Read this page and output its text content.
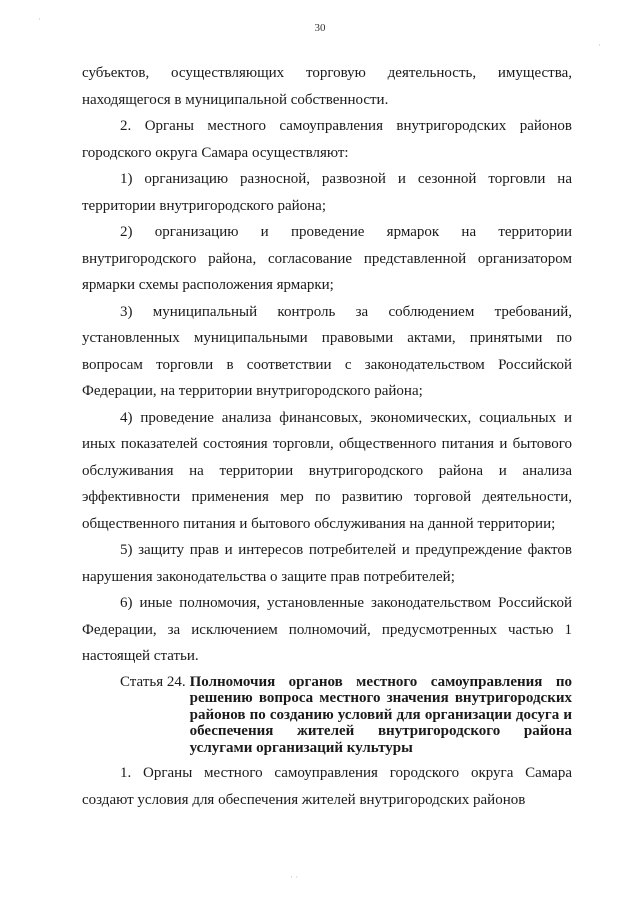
30

субъектов, осуществляющих торговую деятельность, имущества, находящегося в муниципальной собственности.

2. Органы местного самоуправления внутригородских районов городского округа Самара осуществляют:

1) организацию разносной, развозной и сезонной торговли на территории внутригородского района;

2) организацию и проведение ярмарок на территории внутригородского района, согласование представленной организатором ярмарки схемы расположения ярмарки;

3) муниципальный контроль за соблюдением требований, установленных муниципальными правовыми актами, принятыми по вопросам торговли в соответствии с законодательством Российской Федерации, на территории внутригородского района;

4) проведение анализа финансовых, экономических, социальных и иных показателей состояния торговли, общественного питания и бытового обслуживания на территории внутригородского района и анализа эффективности применения мер по развитию торговой деятельности, общественного питания и бытового обслуживания на данной территории;

5) защиту прав и интересов потребителей и предупреждение фактов нарушения законодательства о защите прав потребителей;

6) иные полномочия, установленные законодательством Российской Федерации, за исключением полномочий, предусмотренных частью 1 настоящей статьи.

Статья 24. Полномочия органов местного самоуправления по решению вопроса местного значения внутригородских районов по созданию условий для организации досуга и обеспечения жителей внутригородского района услугами организаций культуры

1. Органы местного самоуправления городского округа Самара создают условия для обеспечения жителей внутригородских районов

·
·
· ·
